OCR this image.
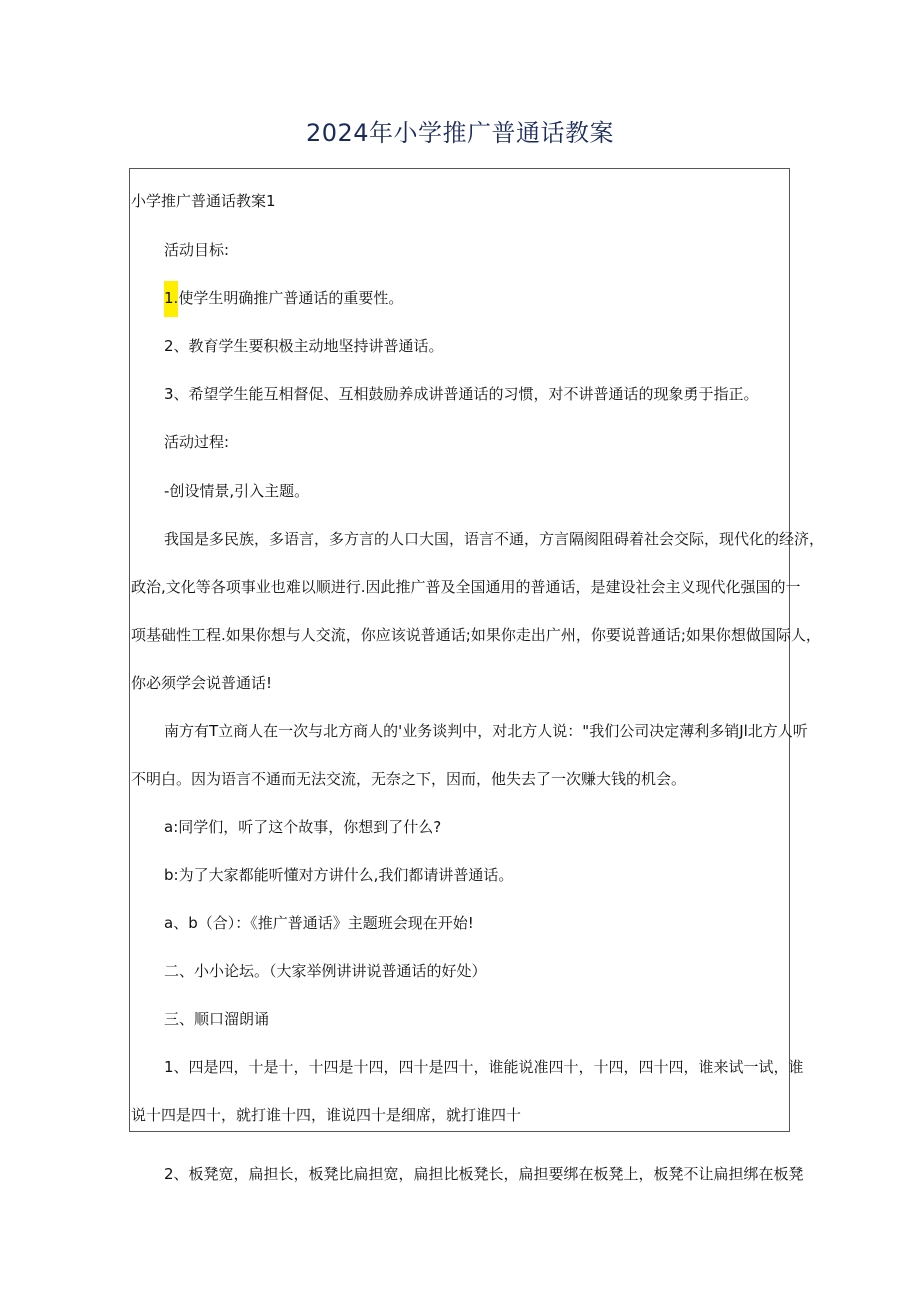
2024年小学推广普通话教案
小学推广普通话教案1
活动目标:
1.使学生明确推广普通话的重要性。
2、教育学生要积极主动地坚持讲普通话。
3、希望学生能互相督促、互相鼓励养成讲普通话的习惯，对不讲普通话的现象勇于指正。
活动过程:
-创设情景,引入主题。
我国是多民族，多语言，多方言的人口大国，语言不通，方言隔阂阻碍着社会交际，现代化的经济，
政治,文化等各项事业也难以顺进行.因此推广普及全国通用的普通话，是建设社会主义现代化强国的一
项基础性工程.如果你想与人交流，你应该说普通话;如果你走出广州，你要说普通话;如果你想做国际人，
你必须学会说普通话!
南方有T立商人在一次与北方商人的'业务谈判中，对北方人说："我们公司决定薄利多销Jl北方人听
不明白。因为语言不通而无法交流，无奈之下，因而，他失去了一次赚大钱的机会。
a:同学们，听了这个故事，你想到了什么?
b:为了大家都能听懂对方讲什么,我们都请讲普通话。
a、b（合）：《推广普通话》主题班会现在开始!
二、小小论坛。（大家举例讲讲说普通话的好处）
三、顺口溜朗诵
1、四是四，十是十，十四是十四，四十是四十，谁能说准四十，十四，四十四，谁来试一试，谁
说十四是四十，就打谁十四，谁说四十是细席，就打谁四十
2、板凳宽，扁担长，板凳比扁担宽，扁担比板凳长，扁担要绑在板凳上，板凳不让扁担绑在板凳
